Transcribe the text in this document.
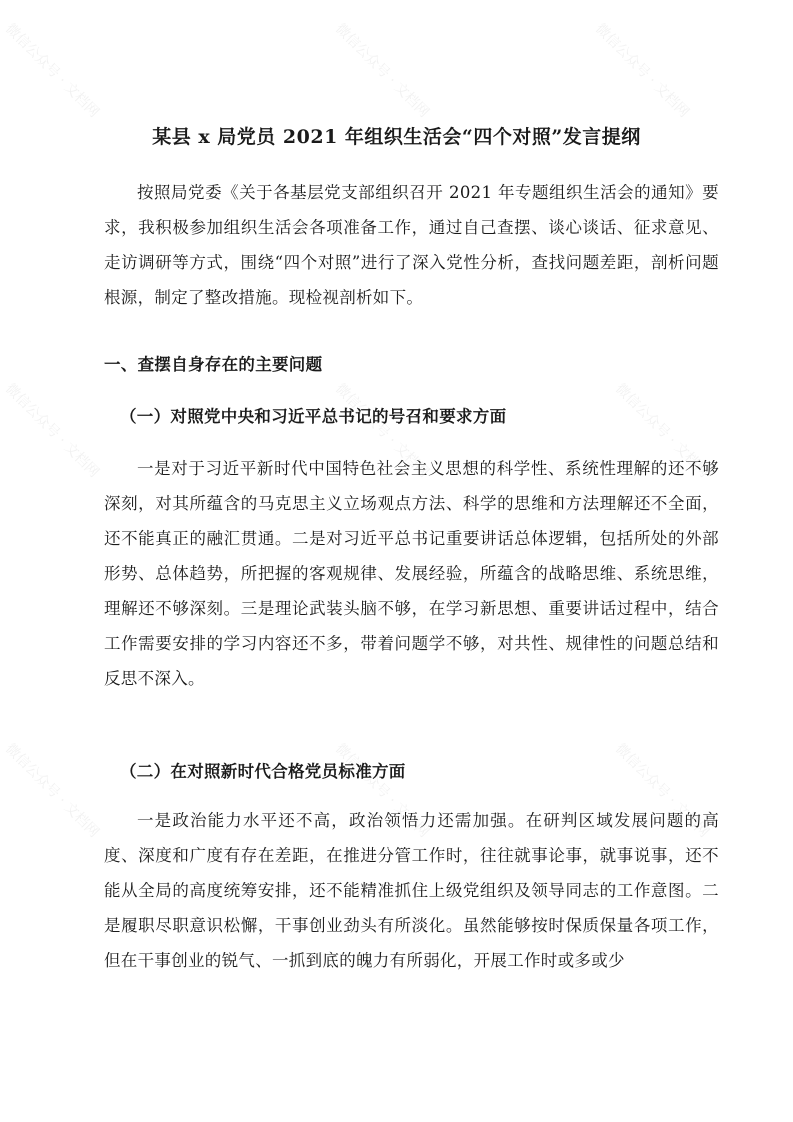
微信公众号 · 文档网	微信公众号 · 文档网
微信公众号 · 文档网
微信公众号 · 文档网	微信公众号 · 文档网	微信公众号 · 文档网
微信公众号 · 文档网	微信公众号 · 文档网	微信公众号 · 文档网
某县 x 局党员 2021 年组织生活会“四个对照”发言提纲

按照局党委《关于各基层党支部组织召开 2021 年专题组织生活会的通知》要求，我积极参加组织生活会各项准备工作，通过自己查摆、谈心谈话、征求意见、走访调研等方式，围绕“四个对照”进行了深入党性分析，查找问题差距，剖析问题根源，制定了整改措施。现检视剖析如下。

一、查摆自身存在的主要问题
（一）对照党中央和习近平总书记的号召和要求方面

一是对于习近平新时代中国特色社会主义思想的科学性、系统性理解的还不够深刻，对其所蕴含的马克思主义立场观点方法、科学的思维和方法理解还不全面，还不能真正的融汇贯通。二是对习近平总书记重要讲话总体逻辑，包括所处的外部形势、总体趋势，所把握的客观规律、发展经验，所蕴含的战略思维、系统思维，理解还不够深刻。三是理论武装头脑不够，在学习新思想、重要讲话过程中，结合工作需要安排的学习内容还不多，带着问题学不够，对共性、规律性的问题总结和反思不深入。

（二）在对照新时代合格党员标准方面

一是政治能力水平还不高，政治领悟力还需加强。在研判区域发展问题的高度、深度和广度有存在差距，在推进分管工作时，往往就事论事，就事说事，还不能从全局的高度统筹安排，还不能精准抓住上级党组织及领导同志的工作意图。二是履职尽职意识松懈，干事创业劲头有所淡化。虽然能够按时保质保量各项工作，但在干事创业的锐气、一抓到底的魄力有所弱化，开展工作时或多或少
